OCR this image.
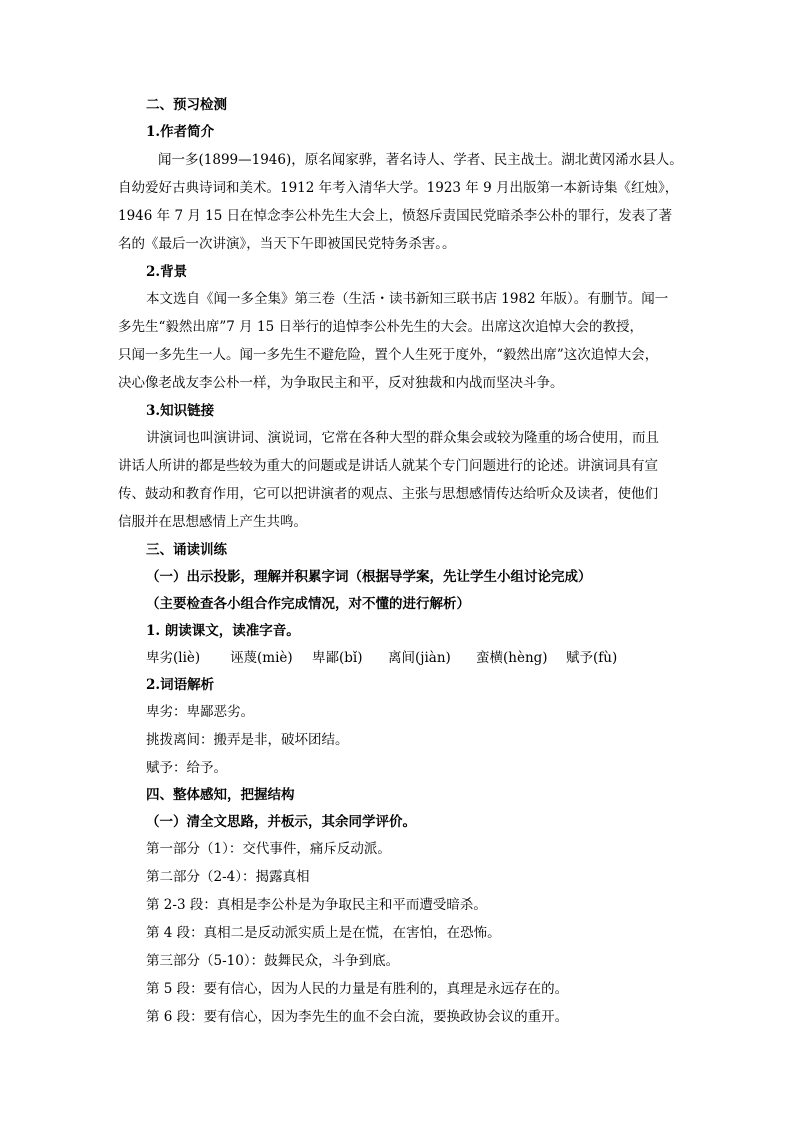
二、预习检测
1.作者简介
闻一多(1899—1946)，原名闻家骅，著名诗人、学者、民主战士。湖北黄冈浠水县人。
自幼爱好古典诗词和美术。1912 年考入清华大学。1923 年 9 月出版第一本新诗集《红烛》，
1946 年 7 月 15 日在悼念李公朴先生大会上，愤怒斥责国民党暗杀李公朴的罪行，发表了著
名的《最后一次讲演》，当天下午即被国民党特务杀害。。
2.背景
本文选自《闻一多全集》第三卷（生活・读书新知三联书店 1982 年版）。有删节。闻一
多先生“毅然出席”7 月 15 日举行的追悼李公朴先生的大会。出席这次追悼大会的教授，
只闻一多先生一人。闻一多先生不避危险，置个人生死于度外，“毅然出席”这次追悼大会，
决心像老战友李公朴一样，为争取民主和平，反对独裁和内战而坚决斗争。
3.知识链接
讲演词也叫演讲词、演说词，它常在各种大型的群众集会或较为隆重的场合使用，而且
讲话人所讲的都是些较为重大的问题或是讲话人就某个专门问题进行的论述。讲演词具有宣
传、鼓动和教育作用，它可以把讲演者的观点、主张与思想感情传达给听众及读者，使他们
信服并在思想感情上产生共鸣。
三、诵读训练
（一）出示投影，理解并积累字词（根据导学案，先让学生小组讨论完成）
（主要检查各小组合作完成情况，对不懂的进行解析）
1. 朗读课文，读准字音。
卑劣(liè) 诬蔑(miè) 卑鄙(bǐ) 离间(jiàn) 蛮横(hèng) 赋予(fù)
2.词语解析
卑劣：卑鄙恶劣。
挑拨离间：搬弄是非，破坏团结。
赋予：给予。
四、整体感知，把握结构
（一）清全文思路，并板示，其余同学评价。
第一部分（1）：交代事件，痛斥反动派。
第二部分（2-4）：揭露真相
第 2-3 段：真相是李公朴是为争取民主和平而遭受暗杀。
第 4 段：真相二是反动派实质上是在慌，在害怕，在恐怖。
第三部分（5-10）：鼓舞民众，斗争到底。
第 5 段：要有信心，因为人民的力量是有胜利的，真理是永远存在的。
第 6 段：要有信心，因为李先生的血不会白流，要换政协会议的重开。
